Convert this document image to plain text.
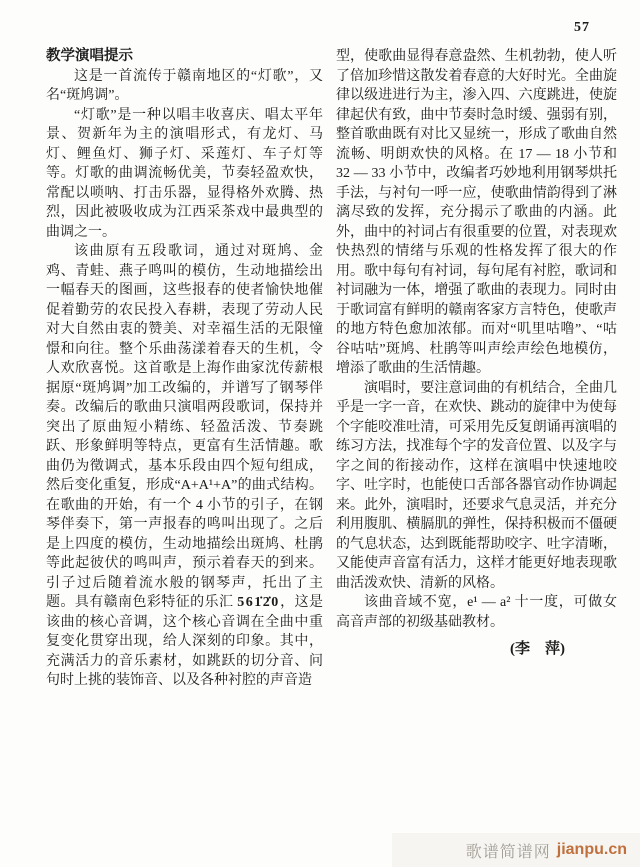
57
教学演唱提示

这是一首流传于赣南地区的“灯歌”，又名“斑鸠调”。

“灯歌”是一种以唱丰收喜庆、唱太平年景、贺新年为主的演唱形式，有龙灯、马灯、鲤鱼灯、狮子灯、采莲灯、车子灯等等。灯歌的曲调流畅优美，节奏轻盈欢快，常配以唢呐、打击乐器，显得格外欢腾、热烈，因此被吸收成为江西采茶戏中最典型的曲调之一。

该曲原有五段歌词，通过对斑鸠、金鸡、青蛙、燕子鸣叫的模仿，生动地描绘出一幅春天的图画，这些报春的使者愉快地催促着勤劳的农民投入春耕，表现了劳动人民对大自然由衷的赞美、对幸福生活的无限憧憬和向往。整个乐曲荡漾着春天的生机，令人欢欣喜悦。这首歌是上海作曲家沈传薪根据原“斑鸠调”加工改编的，并谱写了钢琴伴奏。改编后的歌曲只演唱两段歌词，保持并突出了原曲短小精练、轻盈活泼、节奏跳跃、形象鲜明等特点，更富有生活情趣。歌曲仍为徵调式，基本乐段由四个短句组成，然后变化重复，形成“A+A¹+A”的曲式结构。在歌曲的开始，有一个 4 小节的引子，在钢琴伴奏下，第一声报春的鸣叫出现了。之后是上四度的模仿，生动地描绘出斑鸠、杜鹃等此起彼伏的鸣叫声，预示着春天的到来。引子过后随着流水般的钢琴声，托出了主题。具有赣南色彩特征的乐汇 561̇2̇0，这是该曲的核心音调，这个核心音调在全曲中重复变化贯穿出现，给人深刻的印象。其中，充满活力的音乐素材，如跳跃的切分音、问句时上挑的装饰音、以及各种衬腔的声音造

型，使歌曲显得春意盎然、生机勃勃，使人听了倍加珍惜这散发着春意的大好时光。全曲旋律以级进进行为主，渗入四、六度跳进，使旋律起伏有致，曲中节奏时急时缓、强弱有别，整首歌曲既有对比又显统一，形成了歌曲自然流畅、明朗欢快的风格。在 17 — 18 小节和 32 — 33 小节中，改编者巧妙地利用钢琴烘托手法，与衬句一呼一应，使歌曲情韵得到了淋漓尽致的发挥，充分揭示了歌曲的内涵。此外，曲中的衬词占有很重要的位置，对表现欢快热烈的情绪与乐观的性格发挥了很大的作用。歌中每句有衬词，每句尾有衬腔，歌词和衬词融为一体，增强了歌曲的表现力。同时由于歌词富有鲜明的赣南客家方言特色，使歌声的地方特色愈加浓郁。而对“叽里咕噜”、“咕谷咕咕”斑鸠、杜鹃等叫声绘声绘色地模仿，增添了歌曲的生活情趣。

演唱时，要注意词曲的有机结合，全曲几乎是一字一音，在欢快、跳动的旋律中为使每个字能咬准吐清，可采用先反复朗诵再演唱的练习方法，找准每个字的发音位置、以及字与字之间的衔接动作，这样在演唱中快速地咬字、吐字时，也能使口舌部各器官动作协调起来。此外，演唱时，还要求气息灵活，并充分利用腹肌、横膈肌的弹性，保持积极而不僵硬的气息状态，达到既能帮助咬字、吐字清晰，又能使声音富有活力，这样才能更好地表现歌曲活泼欢快、清新的风格。

该曲音域不宽，e¹ — a² 十一度，可做女高音声部的初级基础教材。

(李　萍)
歌谱简谱网 jianpu.cn
